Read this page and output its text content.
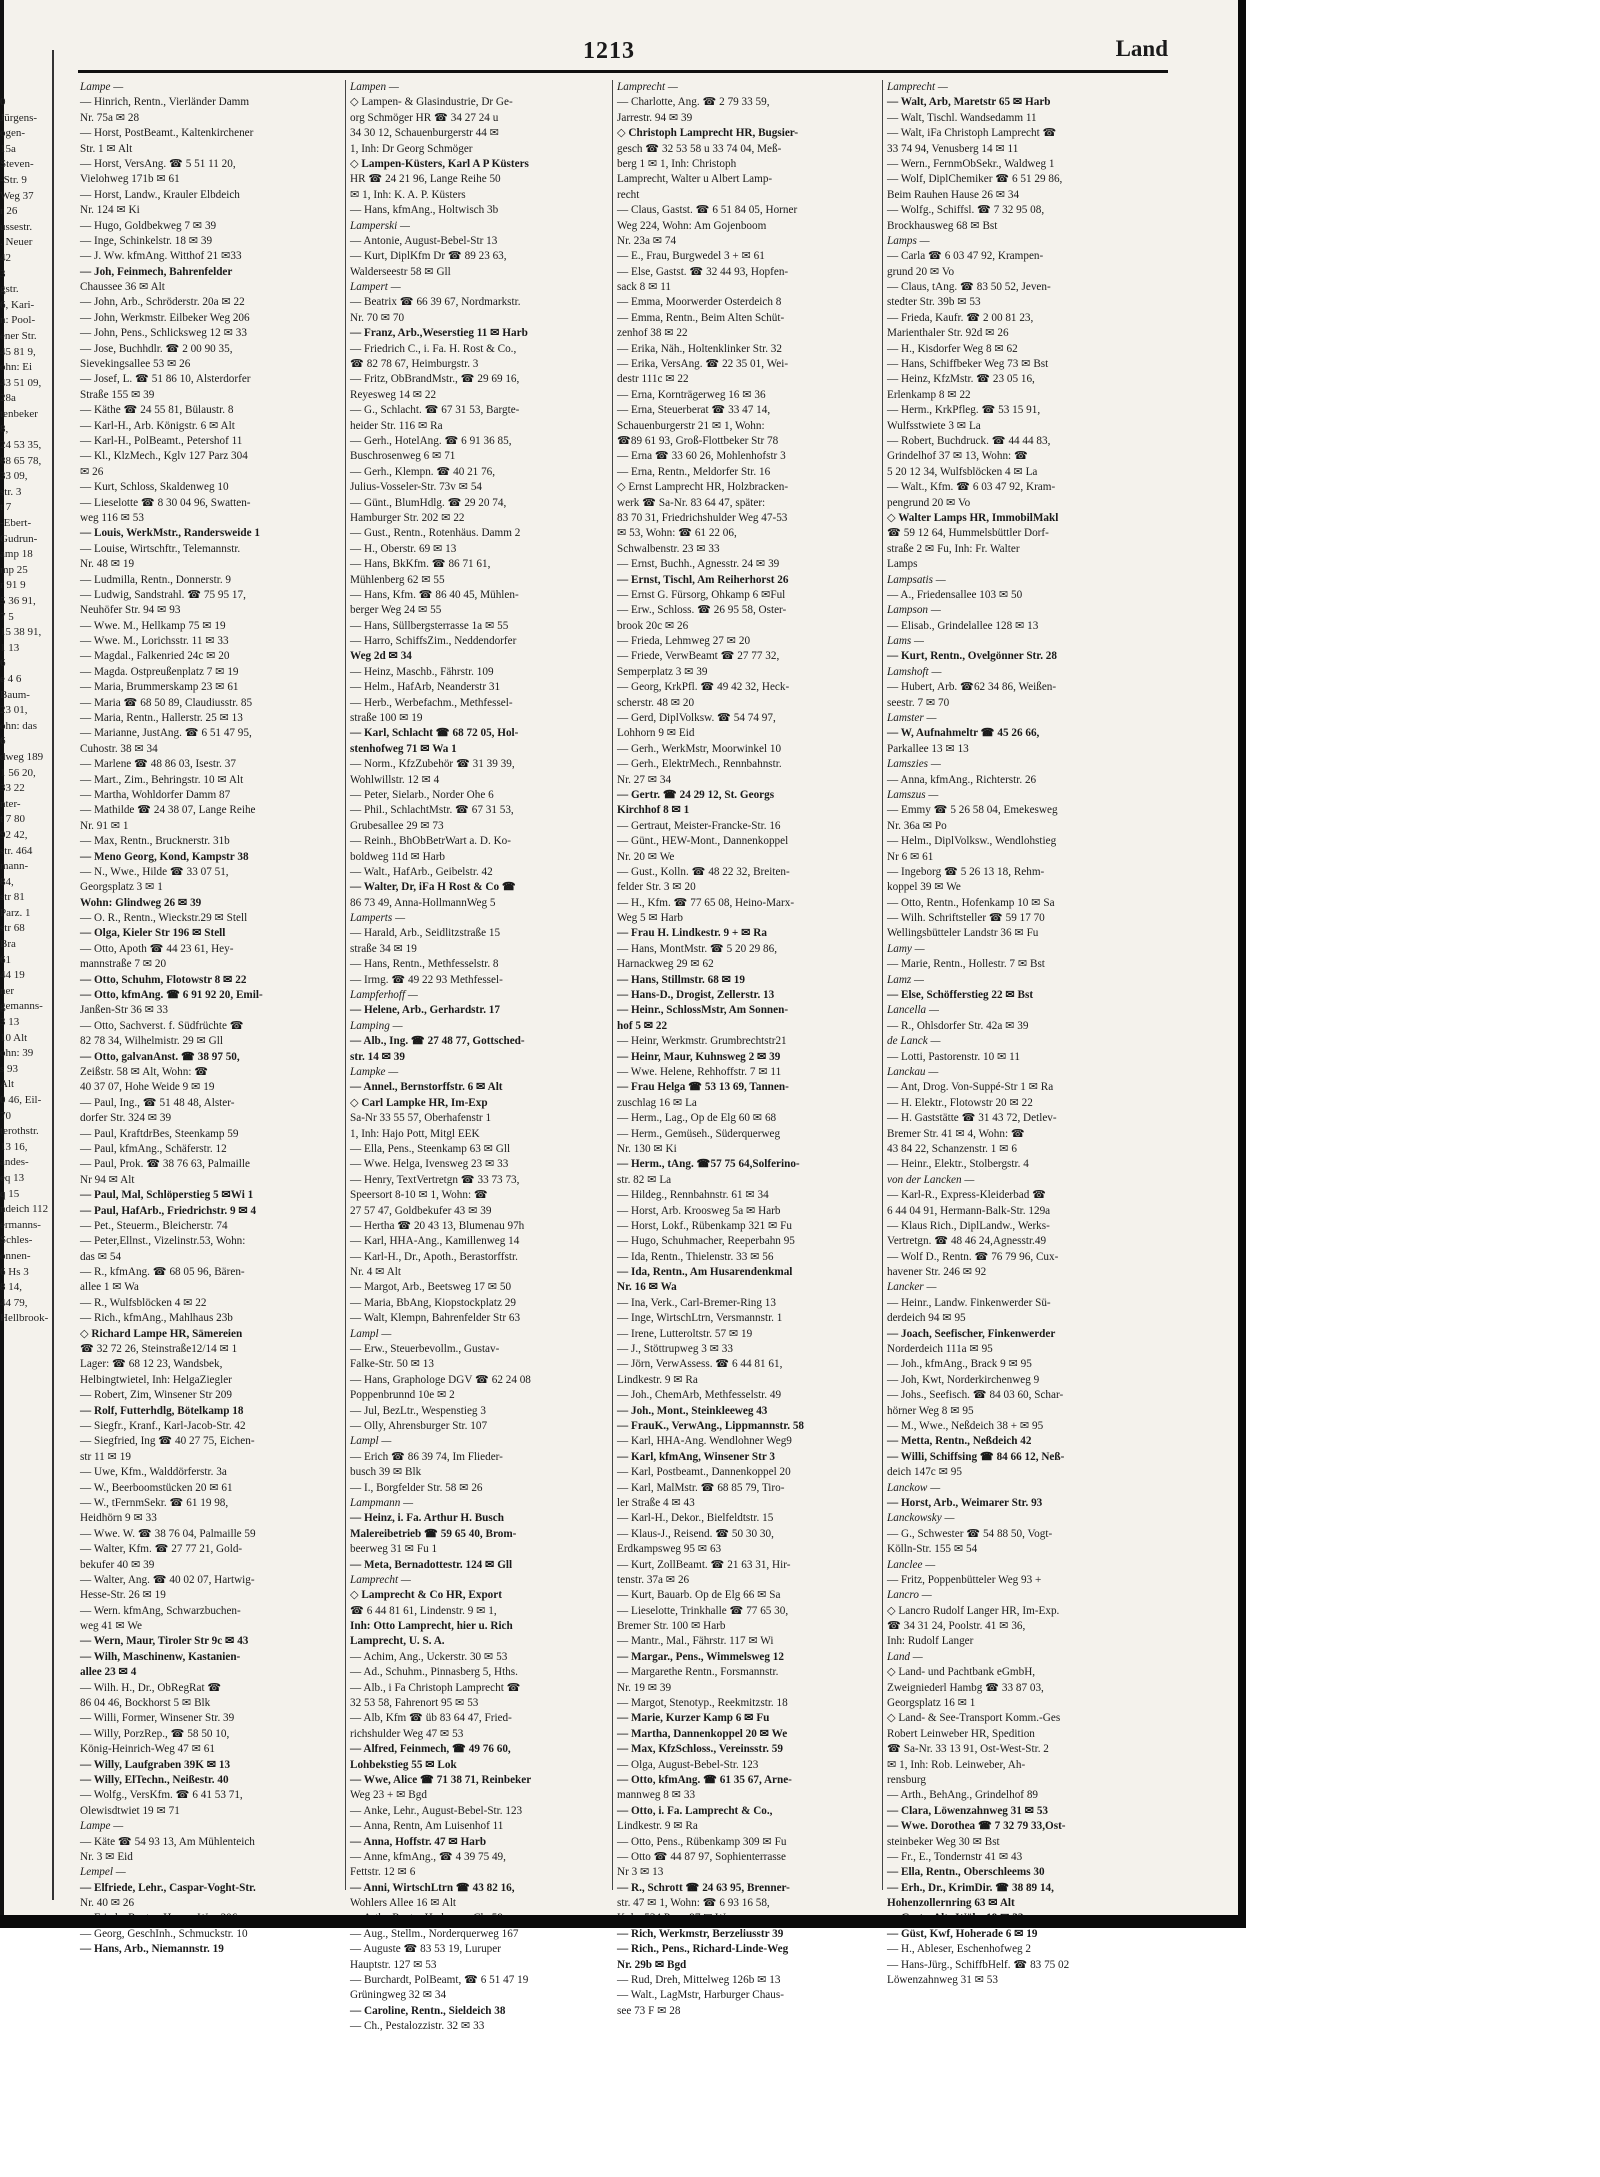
0
Jürgens-
ogen-
15a
Steven-
-Str. 9
Weg 37
r 26
ussestr.
. Neuer
42
3
gstr.
6, Kari-
n: Pool-
ener Str.
45 81 9,
ohn: Ei
43 51 09,
28a
tenbeker
8,
24 53 35,
88 65 78,
33 09,
str. 3
t 7
-Ebert-
Gudrun-
amp 18
mp 25
r 91 9
5 36 91,
7 5
15 38 91,
1 13
6
e 4 6
Baum-
23 01,
ohn: das
6
dweg 189
1 56 20,
33 22
nter-
t 7 80
92 42,
str. 464
mann-
84,
str 81
Parz. 1
str 68
Bra
61
44 19
ner
gemanns-
3 13
10 Alt
ohn: 39
s 93
Alt
0 46, Eil-
70
terothstr.
13 16,
andes-
eq 13
q 15
ndeich 112
ermanns-
Schles-
onnen-
6 Hs 3
8 14,
44 79,
Hellbrook-
1213	Land
Lampe —
— Hinrich, Rentn., Vierländer Damm
Nr. 75a ✉ 28
— Horst, PostBeamt., Kaltenkirchener
Str. 1 ✉ Alt
— Horst, VersAng. ☎ 5 51 11 20,
Vielohweg 171b ✉ 61
— Horst, Landw., Krauler Elbdeich
Nr. 124 ✉ Ki
— Hugo, Goldbekweg 7 ✉ 39
— Inge, Schinkelstr. 18 ✉ 39
— J. Ww. kfmAng. Witthof 21 ✉33
— Joh, Feinmech, Bahrenfelder
Chaussee 36 ✉ Alt
— John, Arb., Schröderstr. 20a ✉ 22
— John, Werkmstr. Eilbeker Weg 206
— John, Pens., Schlicksweg 12 ✉ 33
— Jose, Buchhdlr. ☎ 2 00 90 35,
Sievekingsallee 53 ✉ 26
— Josef, L. ☎ 51 86 10, Alsterdorfer
Straße 155 ✉ 39
— Käthe ☎ 24 55 81, Bülaustr. 8
— Karl-H., Arb. Königstr. 6 ✉ Alt
— Karl-H., PolBeamt., Petershof 11
— Kl., KlzMech., Kglv 127 Parz 304
✉ 26
— Kurt, Schloss, Skaldenweg 10
— Lieselotte ☎ 8 30 04 96, Swatten-
weg 116 ✉ 53
— Louis, WerkMstr., Randersweide 1
— Louise, Wirtschftr., Telemannstr.
Nr. 48 ✉ 19
— Ludmilla, Rentn., Donnerstr. 9
— Ludwig, Sandstrahl. ☎ 75 95 17,
Neuhöfer Str. 94 ✉ 93
— Wwe. M., Hellkamp 75 ✉ 19
— Wwe. M., Lorichsstr. 11 ✉ 33
— Magdal., Falkenried 24c ✉ 20
— Magda. Ostpreußenplatz 7 ✉ 19
— Maria, Brummerskamp 23 ✉ 61
— Maria ☎ 68 50 89, Claudiusstr. 85
— Maria, Rentn., Hallerstr. 25 ✉ 13
— Marianne, JustAng. ☎ 6 51 47 95,
Cuhostr. 38 ✉ 34
— Marlene ☎ 48 86 03, Isestr. 37
— Mart., Zim., Behringstr. 10 ✉ Alt
— Martha, Wohldorfer Damm 87
— Mathilde ☎ 24 38 07, Lange Reihe
Nr. 91 ✉ 1
— Max, Rentn., Brucknerstr. 31b
— Meno Georg, Kond, Kampstr 38
— N., Wwe., Hilde ☎ 33 07 51,
Georgsplatz 3 ✉ 1
Wohn: Glindweg 26 ✉ 39
— O. R., Rentn., Wieckstr.29 ✉ Stell
— Olga, Kieler Str 196 ✉ Stell
— Otto, Apoth ☎ 44 23 61, Hey-
mannstraße 7 ✉ 20
— Otto, Schuhm, Flotowstr 8 ✉ 22
— Otto, kfmAng. ☎ 6 91 92 20, Emil-
Janßen-Str 36 ✉ 33
— Otto, Sachverst. f. Südfrüchte ☎
82 78 34, Wilhelmistr. 29 ✉ Gll
— Otto, galvanAnst. ☎ 38 97 50,
Zeißstr. 58 ✉ Alt, Wohn: ☎
40 37 07, Hohe Weide 9 ✉ 19
— Paul, Ing., ☎ 51 48 48, Alster-
dorfer Str. 324 ✉ 39
— Paul, KraftdrBes, Steenkamp 59
— Paul, kfmAng., Schäferstr. 12
— Paul, Prok. ☎ 38 76 63, Palmaille
Nr 94 ✉ Alt
— Paul, Mal, Schlöperstieg 5 ✉Wi 1
— Paul, HafArb., Friedrichstr. 9 ✉ 4
— Pet., Steuerm., Bleicherstr. 74
— Peter,Ellnst., Vizelinstr.53, Wohn:
das ✉ 54
— R., kfmAng. ☎ 68 05 96, Bären-
allee 1 ✉ Wa
— R., Wulfsblöcken 4 ✉ 22
— Rich., kfmAng., Mahlhaus 23b
◇ Richard Lampe HR, Sämereien
☎ 32 72 26, Steinstraße12/14 ✉ 1
Lager: ☎ 68 12 23, Wandsbek,
Helbingtwietel, Inh: HelgaZiegler
— Robert, Zim, Winsener Str 209
— Rolf, Futterhdlg, Bötelkamp 18
— Siegfr., Kranf., Karl-Jacob-Str. 42
— Siegfried, Ing ☎ 40 27 75, Eichen-
str 11 ✉ 19
— Uwe, Kfm., Walddörferstr. 3a
— W., Beerboomstücken 20 ✉ 61
— W., tFernmSekr. ☎ 61 19 98,
Heidhörn 9 ✉ 33
— Wwe. W. ☎ 38 76 04, Palmaille 59
— Walter, Kfm. ☎ 27 77 21, Gold-
bekufer 40 ✉ 39
— Walter, Ang. ☎ 40 02 07, Hartwig-
Hesse-Str. 26 ✉ 19
— Wern. kfmAng, Schwarzbuchen-
weg 41 ✉ We
— Wern, Maur, Tiroler Str 9c ✉ 43
— Wilh, Maschinenw, Kastanien-
allee 23 ✉ 4
— Wilh. H., Dr., ObRegRat ☎
86 04 46, Bockhorst 5 ✉ Blk
— Willi, Former, Winsener Str. 39
— Willy, PorzRep., ☎ 58 50 10,
König-Heinrich-Weg 47 ✉ 61
— Willy, Laufgraben 39K ✉ 13
— Willy, ElTechn., Neißestr. 40
— Wolfg., VersKfm. ☎ 6 41 53 71,
Olewisdtwiet 19 ✉ 71
Lampe —
— Käte ☎ 54 93 13, Am Mühlenteich
Nr. 3 ✉ Eid
Lempel —
— Elfriede, Lehr., Caspar-Voght-Str.
Nr. 40 ✉ 26
— Georg, GeschInh., Schmuckstr. 10
— Hans, Arb., Niemannstr. 19
Lampen —
◇ Lampen- & Glasindustrie, Dr Ge-
org Schmöger HR ☎ 34 27 24 u
34 30 12, Schauenburgerstr 44 ✉
1, Inh: Dr Georg Schmöger
◇ Lampen-Küsters, Karl A P Küsters
HR ☎ 24 21 96, Lange Reihe 50
✉ 1, Inh: K. A. P. Küsters
— Hans, kfmAng., Holtwisch 3b
Lamperski —
— Antonie, August-Bebel-Str 13
— Kurt, DiplKfm Dr ☎ 89 23 63,
Walderseestr 58 ✉ Gll
Lampert —
— Beatrix ☎ 66 39 67, Nordmarkstr.
Nr. 70 ✉ 70
— Franz, Arb.,Weserstieg 11 ✉ Harb
— Friedrich C., i. Fa. H. Rost & Co.,
☎ 82 78 67, Heimburgstr. 3
— Fritz, ObBrandMstr., ☎ 29 69 16,
Reyesweg 14 ✉ 22
— G., Schlacht. ☎ 67 31 53, Bargte-
heider Str. 116 ✉ Ra
— Gerh., HotelAng. ☎ 6 91 36 85,
Buschrosenweg 6 ✉ 71
— Gerh., Klempn. ☎ 40 21 76,
Julius-Vosseler-Str. 73v ✉ 54
— Günt., BlumHdlg. ☎ 29 20 74,
Hamburger Str. 202 ✉ 22
— Gust., Rentn., Rotenhäus. Damm 2
— H., Oberstr. 69 ✉ 13
— Hans, BkKfm. ☎ 86 71 61,
Mühlenberg 62 ✉ 55
— Hans, Kfm. ☎ 86 40 45, Mühlen-
berger Weg 24 ✉ 55
— Hans, Süllbergsterrasse 1a ✉ 55
— Harro, SchiffsZim., Neddendorfer
Weg 2d ✉ 34
— Heinz, Maschb., Fährstr. 109
— Helm., HafArb, Neanderstr 31
— Herb., Werbefachm., Methfessel-
straße 100 ✉ 19
— Karl, Schlacht ☎ 68 72 05, Hol-
stenhofweg 71 ✉ Wa 1
— Norm., KfzZubehör ☎ 31 39 39,
Wohlwillstr. 12 ✉ 4
— Peter, Sielarb., Norder Ohe 6
— Phil., SchlachtMstr. ☎ 67 31 53,
Grubesallee 29 ✉ 73
— Reinh., BhObBetrWart a. D. Ko-
boldweg 11d ✉ Harb
— Walt., HafArb., Geibelstr. 42
— Walter, Dr, iFa H Rost & Co ☎
86 73 49, Anna-HollmannWeg 5
Lamperts —
— Harald, Arb., Seidlitzstraße 15
straße 34 ✉ 19
— Hans, Rentn., Methfesselstr. 8
— Irmg. ☎ 49 22 93 Methfessel-
Lampferhoff —
— Helene, Arb., Gerhardstr. 17
Lamping —
— Alb., Ing. ☎ 27 48 77, Gottsched-
str. 14 ✉ 39
Lampke —
— Annel., Bernstorffstr. 6 ✉ Alt
◇ Carl Lampke HR, Im-Exp
Sa-Nr 33 55 57, Oberhafenstr 1
1, Inh: Hajo Pott, Mitgl EEK
— Ella, Pens., Steenkamp 63 ✉ Gll
— Wwe. Helga, Ivensweg 23 ✉ 33
— Henry, TextVertretgn ☎ 33 73 73,
Speersort 8-10 ✉ 1, Wohn: ☎
27 57 47, Goldbekufer 43 ✉ 39
— Hertha ☎ 20 43 13, Blumenau 97h
— Karl, HHA-Ang., Kamillenweg 14
— Karl-H., Dr., Apoth., Berastorffstr.
Nr. 4 ✉ Alt
— Margot, Arb., Beetsweg 17 ✉ 50
— Maria, BbAng, Kiopstockplatz 29
— Walt, Klempn, Bahrenfelder Str 63
Lampl —
— Erw., Steuerbevollm., Gustav-
Falke-Str. 50 ✉ 13
— Hans, Graphologe DGV ☎ 62 24 08
Poppenbrunnd 10e ✉ 2
— Jul, BezLtr., Wespenstieg 3
— Olly, Ahrensburger Str. 107
Lampl —
— Erich ☎ 86 39 74, Im Flieder-
busch 39 ✉ Blk
— I., Borgfelder Str. 58 ✉ 26
Lampmann —
— Heinz, i. Fa. Arthur H. Busch
Malereibetrieb ☎ 59 65 40, Brom-
beerweg 31 ✉ Fu 1
— Meta, Bernadottestr. 124 ✉ Gll
Lamprecht —
◇ Lamprecht & Co HR, Export
☎ 6 44 81 61, Lindenstr. 9 ✉ 1,
Inh: Otto Lamprecht, hier u. Rich
Lamprecht, U. S. A.
— Achim, Ang., Uckerstr. 30 ✉ 53
— Ad., Schuhm., Pinnasberg 5, Hths.
— Alb., i Fa Christoph Lamprecht ☎
32 53 58, Fahrenort 95 ✉ 53
— Alb, Kfm ☎ üb 83 64 47, Fried-
richshulder Weg 47 ✉ 53
— Alfred, Feinmech, ☎ 49 76 60,
Lohbekstieg 55 ✉ Lok
— Wwe, Alice ☎ 71 38 71, Reinbeker
Weg 23 + ✉ Bgd
— Anke, Lehr., August-Bebel-Str. 123
— Anna, Rentn, Am Luisenhof 11
— Anna, Hoffstr. 47 ✉ Harb
— Anne, kfmAng., ☎ 4 39 75 49,
Fettstr. 12 ✉ 6
— Anni, WirtschLtrn ☎ 43 82 16,
Wohlers Allee 16 ✉ Alt
— Aug., Stellm., Norderquerweg 167
— Auguste ☎ 83 53 19, Luruper
Hauptstr. 127 ✉ 53
— Burchardt, PolBeamt, ☎ 6 51 47 19
Grüningweg 32 ✉ 34
— Caroline, Rentn., Sieldeich 38
— Ch., Pestalozzistr. 32 ✉ 33
Lamprecht —
— Charlotte, Ang. ☎ 2 79 33 59,
Jarrestr. 94 ✉ 39
◇ Christoph Lamprecht HR, Bugsier-
gesch ☎ 32 53 58 u 33 74 04, Meß-
berg 1 ✉ 1, Inh: Christoph
Lamprecht, Walter u Albert Lamp-
recht
— Claus, Gastst. ☎ 6 51 84 05, Horner
Weg 224, Wohn: Am Gojenboom
Nr. 23a ✉ 74
— E., Frau, Burgwedel 3 + ✉ 61
— Else, Gastst. ☎ 32 44 93, Hopfen-
sack 8 ✉ 11
— Emma, Moorwerder Osterdeich 8
— Emma, Rentn., Beim Alten Schüt-
zenhof 38 ✉ 22
— Erika, Näh., Holtenklinker Str. 32
— Erika, VersAng. ☎ 22 35 01, Wei-
destr 111c ✉ 22
— Erna, Kornträgerweg 16 ✉ 36
— Erna, Steuerberat ☎ 33 47 14,
Schauenburgerstr 21 ✉ 1, Wohn:
☎89 61 93, Groß-Flottbeker Str 78
— Erna ☎ 33 60 26, Mohlenhofstr 3
— Erna, Rentn., Meldorfer Str. 16
◇ Ernst Lamprecht HR, Holzbracken-
werk ☎ Sa-Nr. 83 64 47, später:
83 70 31, Friedrichshulder Weg 47-53
✉ 53, Wohn: ☎ 61 22 06,
Schwalbenstr. 23 ✉ 33
— Ernst, Buchh., Agnesstr. 24 ✉ 39
— Ernst, Tischl, Am Reiherhorst 26
— Ernst G. Fürsorg, Ohkamp 6 ✉Ful
— Erw., Schloss. ☎ 26 95 58, Oster-
brook 20c ✉ 26
— Frieda, Lehmweg 27 ✉ 20
— Friede, VerwBeamt ☎ 27 77 32,
Semperplatz 3 ✉ 39
— Georg, KrkPfl. ☎ 49 42 32, Heck-
scherstr. 48 ✉ 20
— Gerd, DiplVolksw. ☎ 54 74 97,
Lohhorn 9 ✉ Eid
— Gerh., WerkMstr, Moorwinkel 10
— Gerh., ElektrMech., Rennbahnstr.
Nr. 27 ✉ 34
— Gertr. ☎ 24 29 12, St. Georgs
Kirchhof 8 ✉ 1
— Gertraut, Meister-Francke-Str. 16
— Günt., HEW-Mont., Dannenkoppel
Nr. 20 ✉ We
— Gust., Kolln. ☎ 48 22 32, Breiten-
felder Str. 3 ✉ 20
— H., Kfm. ☎ 77 65 08, Heino-Marx-
Weg 5 ✉ Harb
— Frau H. Lindkestr. 9 + ✉ Ra
— Hans, MontMstr. ☎ 5 20 29 86,
Harnackweg 29 ✉ 62
— Hans, Stillmstr. 68 ✉ 19
— Hans-D., Drogist, Zellerstr. 13
— Heinr., SchlossMstr, Am Sonnen-
hof 5 ✉ 22
— Heinr, Werkmstr. Grumbrechtstr21
— Heinr, Maur, Kuhnsweg 2 ✉ 39
— Wwe. Helene, Rehhoffstr. 7 ✉ 11
— Frau Helga ☎ 53 13 69, Tannen-
zuschlag 16 ✉ La
— Herm., Lag., Op de Elg 60 ✉ 68
— Herm., Gemüseh., Süderquerweg
Nr. 130 ✉ Ki
— Herm., tAng. ☎57 75 64,Solferino-
str. 82 ✉ La
— Hildeg., Rennbahnstr. 61 ✉ 34
— Horst, Arb. Kroosweg 5a ✉ Harb
— Horst, Lokf., Rübenkamp 321 ✉ Fu
— Hugo, Schuhmacher, Reeperbahn 95
— Ida, Rentn., Thielenstr. 33 ✉ 56
— Ida, Rentn., Am Husarendenkmal
Nr. 16 ✉ Wa
— Ina, Verk., Carl-Bremer-Ring 13
— Inge, WirtschLtrn, Versmannstr. 1
— Irene, Lutteroltstr. 57 ✉ 19
— J., Stöttrupweg 3 ✉ 33
— Jörn, VerwAssess. ☎ 6 44 81 61,
Lindkestr. 9 ✉ Ra
— Joh., ChemArb, Methfesselstr. 49
— Joh., Mont., Steinkleeweg 43
— FrauK., VerwAng., Lippmannstr. 58
— Karl, HHA-Ang. Wendlohner Weg9
— Karl, kfmAng, Winsener Str 3
— Karl, Postbeamt., Dannenkoppel 20
— Karl, MalMstr. ☎ 68 85 79, Tiro-
ler Straße 4 ✉ 43
— Karl-H., Dekor., Bielfeldtstr. 15
— Klaus-J., Reisend. ☎ 50 30 30,
Erdkampsweg 95 ✉ 63
— Kurt, ZollBeamt. ☎ 21 63 31, Hir-
tenstr. 37a ✉ 26
— Kurt, Bauarb. Op de Elg 66 ✉ Sa
— Lieselotte, Trinkhalle ☎ 77 65 30,
Bremer Str. 100 ✉ Harb
— Mantr., Mal., Fährstr. 117 ✉ Wi
— Margar., Pens., Wimmelsweg 12
— Margarethe Rentn., Forsmannstr.
Nr. 19 ✉ 39
— Margot, Stenotyp., Reekmitzstr. 18
— Marie, Kurzer Kamp 6 ✉ Fu
— Martha, Dannenkoppel 20 ✉ We
— Max, KfzSchloss., Vereinsstr. 59
— Olga, August-Bebel-Str. 123
— Otto, kfmAng. ☎ 61 35 67, Arne-
mannweg 8 ✉ 33
— Otto, i. Fa. Lamprecht & Co.,
Lindkestr. 9 ✉ Ra
— Otto, Pens., Rübenkamp 309 ✉ Fu
— Otto ☎ 44 87 97, Sophienterrasse
Nr 3 ✉ 13
— R., Schrott ☎ 24 63 95, Brenner-
str. 47 ✉ 1, Wohn: ☎ 6 93 16 58,
— Rich, Werkmstr, Berzeliusstr 39
— Rich., Pens., Richard-Linde-Weg
Nr. 29b ✉ Bgd
— Rud, Dreh, Mittelweg 126b ✉ 13
— Walt., LagMstr, Harburger Chaus-
see 73 F ✉ 28
Lamprecht —
— Walt, Arb, Maretstr 65 ✉ Harb
— Walt, Tischl. Wandsedamm 11
— Walt, iFa Christoph Lamprecht ☎
33 74 94, Venusberg 14 ✉ 11
— Wern., FernmObSekr., Waldweg 1
— Wolf, DiplChemiker ☎ 6 51 29 86,
Beim Rauhen Hause 26 ✉ 34
— Wolfg., Schiffsl. ☎ 7 32 95 08,
Brockhausweg 68 ✉ Bst
Lamps —
— Carla ☎ 6 03 47 92, Krampen-
grund 20 ✉ Vo
— Claus, tAng. ☎ 83 50 52, Jeven-
stedter Str. 39b ✉ 53
— Frieda, Kaufr. ☎ 2 00 81 23,
Marienthaler Str. 92d ✉ 26
— H., Kisdorfer Weg 8 ✉ 62
— Hans, Schiffbeker Weg 73 ✉ Bst
— Heinz, KfzMstr. ☎ 23 05 16,
Erlenkamp 8 ✉ 22
— Herm., KrkPfleg. ☎ 53 15 91,
Wulfsstwiete 3 ✉ La
— Robert, Buchdruck. ☎ 44 44 83,
Grindelhof 37 ✉ 13, Wohn: ☎
5 20 12 34, Wulfsblöcken 4 ✉ La
— Walt., Kfm. ☎ 6 03 47 92, Kram-
pengrund 20 ✉ Vo
◇ Walter Lamps HR, ImmobilMakl
☎ 59 12 64, Hummelsbüttler Dorf-
straße 2 ✉ Fu, Inh: Fr. Walter
Lamps
Lampsatis —
— A., Friedensallee 103 ✉ 50
Lampson —
— Elisab., Grindelallee 128 ✉ 13
Lams —
— Kurt, Rentn., Ovelgönner Str. 28
Lamshoft —
— Hubert, Arb. ☎62 34 86, Weißen-
seestr. 7 ✉ 70
Lamster —
— W, Aufnahmeltr ☎ 45 26 66,
Parkallee 13 ✉ 13
Lamszies —
— Anna, kfmAng., Richterstr. 26
Lamszus —
— Emmy ☎ 5 26 58 04, Emekesweg
Nr. 36a ✉ Po
— Helm., DiplVolksw., Wendlohstieg
Nr 6 ✉ 61
— Ingeborg ☎ 5 26 13 18, Rehm-
koppel 39 ✉ We
— Otto, Rentn., Hofenkamp 10 ✉ Sa
— Wilh. Schriftsteller ☎ 59 17 70
Wellingsbütteler Landstr 36 ✉ Fu
Lamy —
— Marie, Rentn., Hollestr. 7 ✉ Bst
Lamz —
— Else, Schöfferstieg 22 ✉ Bst
Lancella —
— R., Ohlsdorfer Str. 42a ✉ 39
de Lanck —
— Lotti, Pastorenstr. 10 ✉ 11
Lanckau —
— Ant, Drog. Von-Suppé-Str 1 ✉ Ra
— H. Elektr., Flotowstr 20 ✉ 22
— H. Gaststätte ☎ 31 43 72, Detlev-
Bremer Str. 41 ✉ 4, Wohn: ☎
43 84 22, Schanzenstr. 1 ✉ 6
— Heinr., Elektr., Stolbergstr. 4
von der Lancken —
— Karl-R., Express-Kleiderbad ☎
6 44 04 91, Hermann-Balk-Str. 129a
— Klaus Rich., DiplLandw., Werks-
Vertretgn. ☎ 48 46 24,Agnesstr.49
— Wolf D., Rentn. ☎ 76 79 96, Cux-
havener Str. 246 ✉ 92
Lancker —
— Heinr., Landw. Finkenwerder Sü-
derdeich 94 ✉ 95
— Joach, Seefischer, Finkenwerder
Norderdeich 111a ✉ 95
— Joh., kfmAng., Brack 9 ✉ 95
— Joh, Kwt, Norderkirchenweg 9
— Johs., Seefisch. ☎ 84 03 60, Schar-
hörner Weg 8 ✉ 95
— M., Wwe., Neßdeich 38 + ✉ 95
— Metta, Rentn., Neßdeich 42
— Willi, Schiffsing ☎ 84 66 12, Neß-
deich 147c ✉ 95
Lanckow —
— Horst, Arb., Weimarer Str. 93
Lanckowsky —
— G., Schwester ☎ 54 88 50, Vogt-
Kölln-Str. 155 ✉ 54
Lanclee —
— Fritz, Poppenbütteler Weg 93 +
Lancro —
◇ Lancro Rudolf Langer HR, Im-Exp.
☎ 34 31 24, Poolstr. 41 ✉ 36,
Inh: Rudolf Langer
Land —
◇ Land- und Pachtbank eGmbH,
Zweigniederl Hambg ☎ 33 87 03,
Georgsplatz 16 ✉ 1
◇ Land- & See-Transport Komm.-Ges
Robert Leinweber HR, Spedition
☎ Sa-Nr. 33 13 91, Ost-West-Str. 2
✉ 1, Inh: Rob. Leinweber, Ah-
rensburg
— Arth., BehAng., Grindelhof 89
— Clara, Löwenzahnweg 31 ✉ 53
— Wwe. Dorothea ☎ 7 32 79 33,Ost-
steinbeker Weg 30 ✉ Bst
— Fr., E., Tondernstr 41 ✉ 43
— Ella, Rentn., Oberschleems 30
— Erh., Dr., KrimDir. ☎ 38 89 14,
Hohenzollernring 63 ✉ Alt
— Güst, Kwf, Hoherade 6 ✉ 19
— H., Ableser, Eschenhofweg 2
— Hans-Jürg., SchiffbHelf. ☎ 83 75 02
Löwenzahnweg 31 ✉ 53
